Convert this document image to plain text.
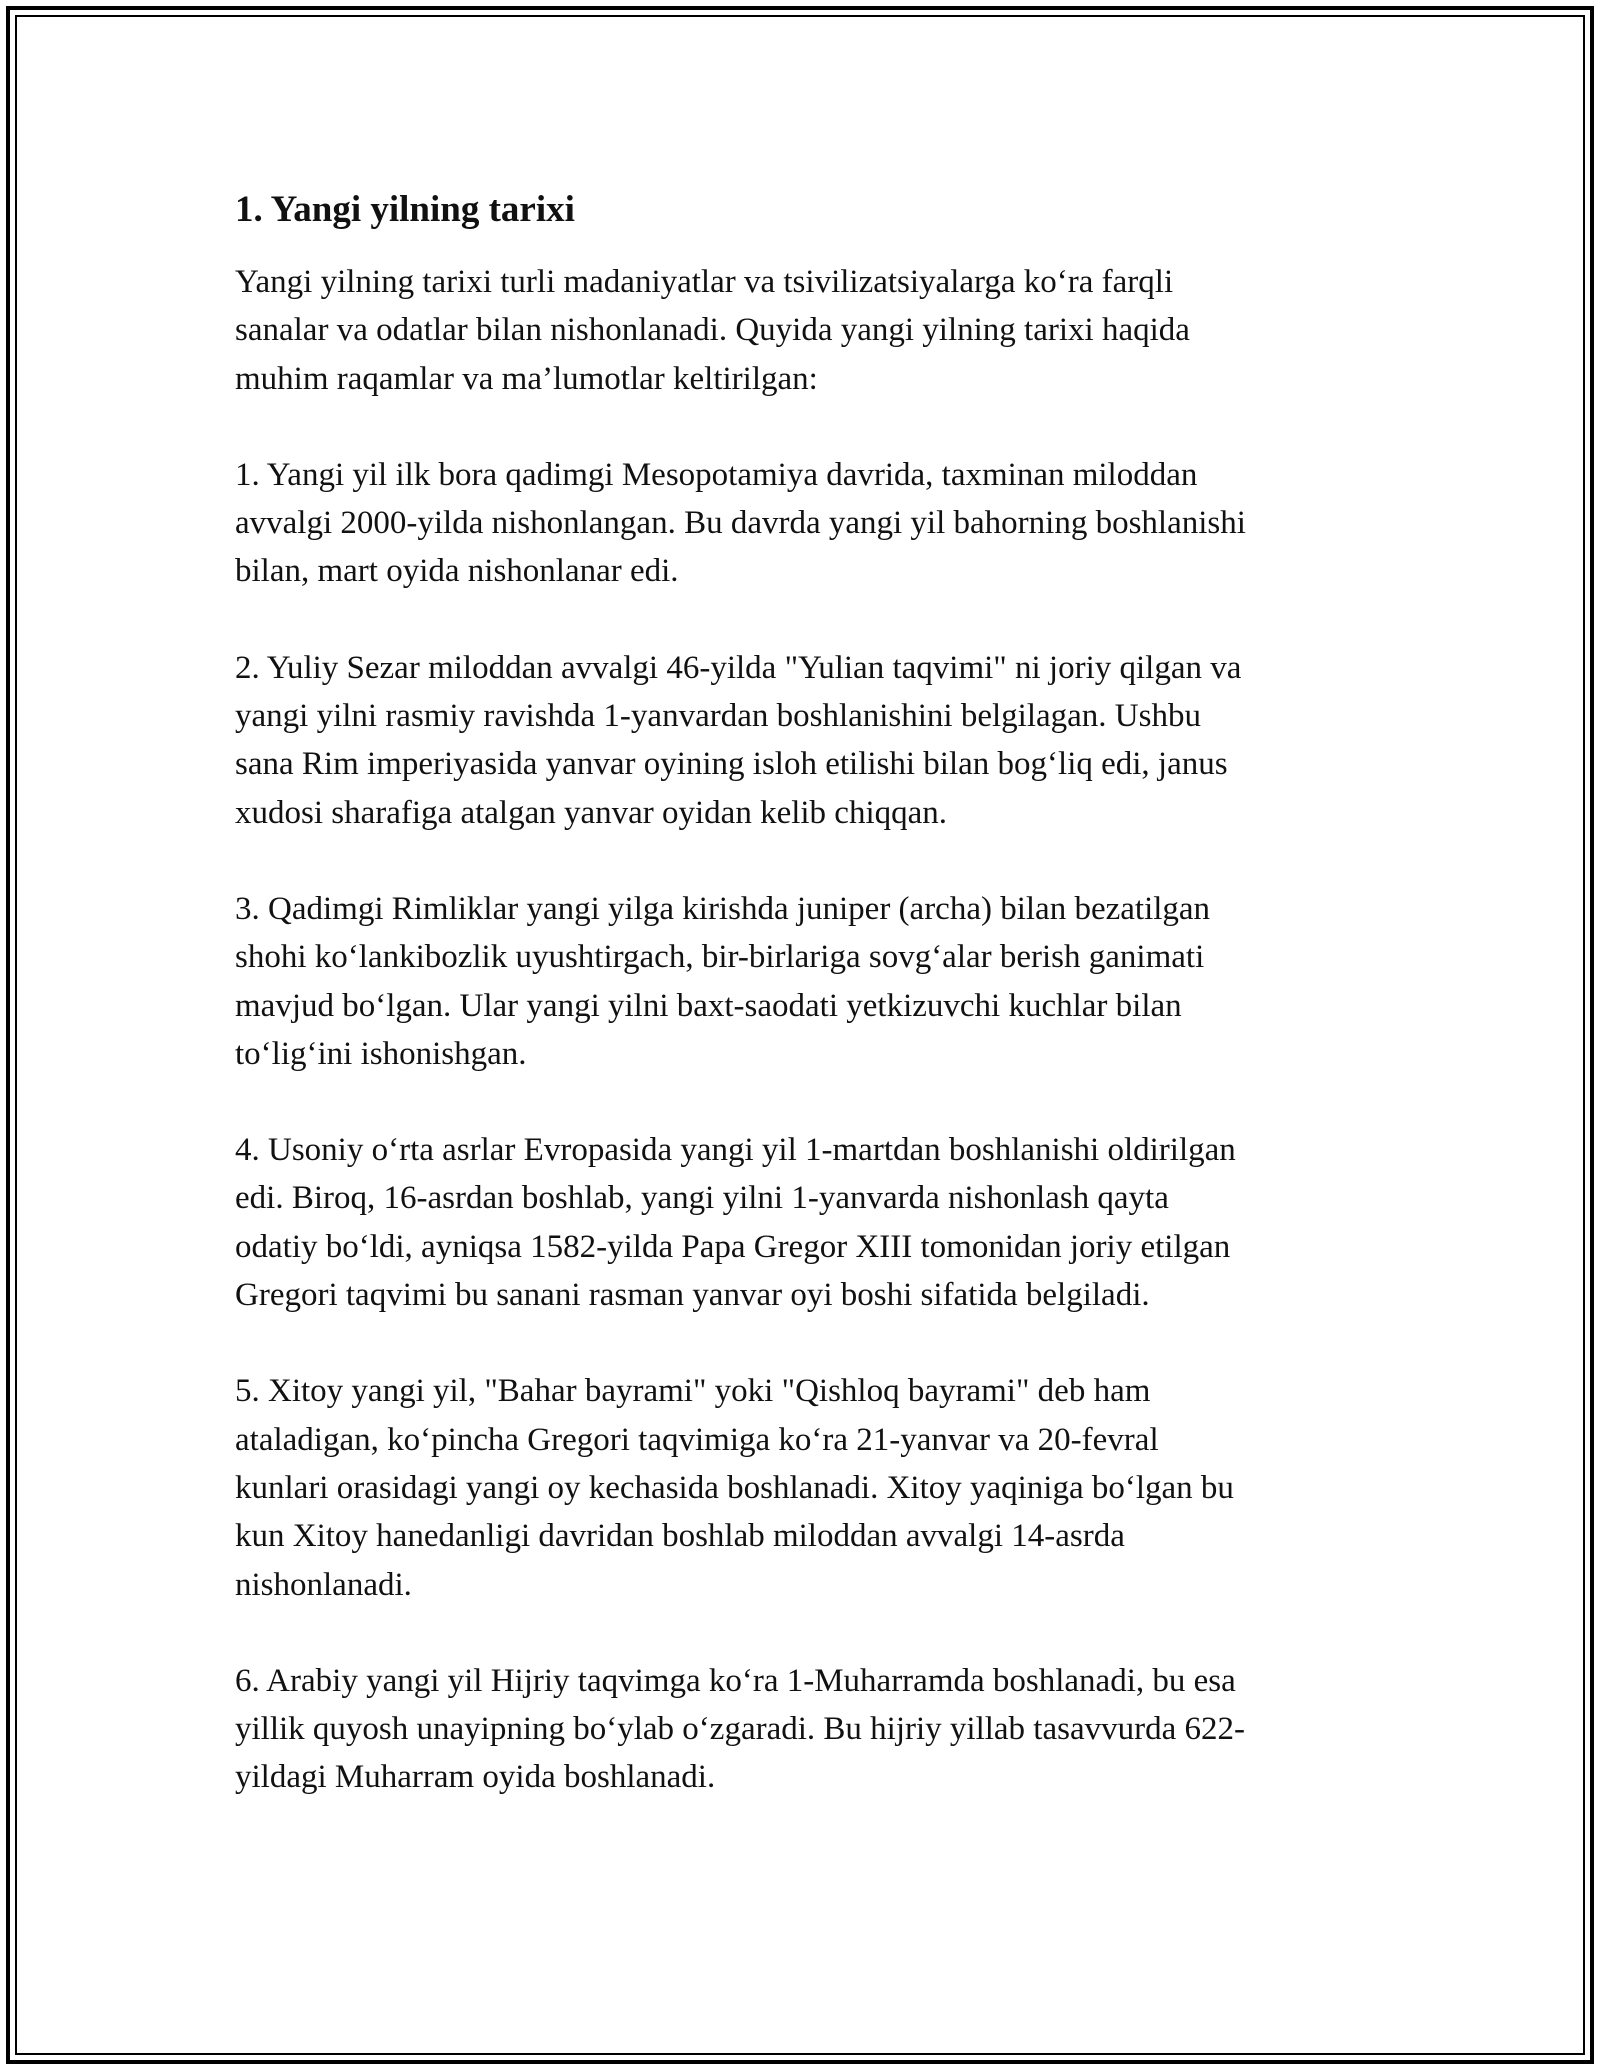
1. Yangi yilning tarixi

Yangi yilning tarixi turli madaniyatlar va tsivilizatsiyalarga ko‘ra farqli
sanalar va odatlar bilan nishonlanadi. Quyida yangi yilning tarixi haqida
muhim raqamlar va ma’lumotlar keltirilgan:

1. Yangi yil ilk bora qadimgi Mesopotamiya davrida, taxminan miloddan
avvalgi 2000-yilda nishonlangan. Bu davrda yangi yil bahorning boshlanishi
bilan, mart oyida nishonlanar edi.

2. Yuliy Sezar miloddan avvalgi 46-yilda "Yulian taqvimi" ni joriy qilgan va
yangi yilni rasmiy ravishda 1-yanvardan boshlanishini belgilagan. Ushbu
sana Rim imperiyasida yanvar oyining isloh etilishi bilan bog‘liq edi, janus
xudosi sharafiga atalgan yanvar oyidan kelib chiqqan.

3. Qadimgi Rimliklar yangi yilga kirishda juniper (archa) bilan bezatilgan
shohi ko‘lankibozlik uyushtirgach, bir-birlariga sovg‘alar berish ganimati
mavjud bo‘lgan. Ular yangi yilni baxt-saodati yetkizuvchi kuchlar bilan
to‘lig‘ini ishonishgan.

4. Usoniy o‘rta asrlar Evropasida yangi yil 1-martdan boshlanishi oldirilgan
edi. Biroq, 16-asrdan boshlab, yangi yilni 1-yanvarda nishonlash qayta
odatiy bo‘ldi, ayniqsa 1582-yilda Papa Gregor XIII tomonidan joriy etilgan
Gregori taqvimi bu sanani rasman yanvar oyi boshi sifatida belgiladi.

5. Xitoy yangi yil, "Bahar bayrami" yoki "Qishloq bayrami" deb ham
ataladigan, ko‘pincha Gregori taqvimiga ko‘ra 21-yanvar va 20-fevral
kunlari orasidagi yangi oy kechasida boshlanadi. Xitoy yaqiniga bo‘lgan bu
kun Xitoy hanedanligi davridan boshlab miloddan avvalgi 14-asrda
nishonlanadi.

6. Arabiy yangi yil Hijriy taqvimga ko‘ra 1-Muharramda boshlanadi, bu esa
yillik quyosh unayipning bo‘ylab o‘zgaradi. Bu hijriy yillab tasavvurda 622-
yildagi Muharram oyida boshlanadi.
